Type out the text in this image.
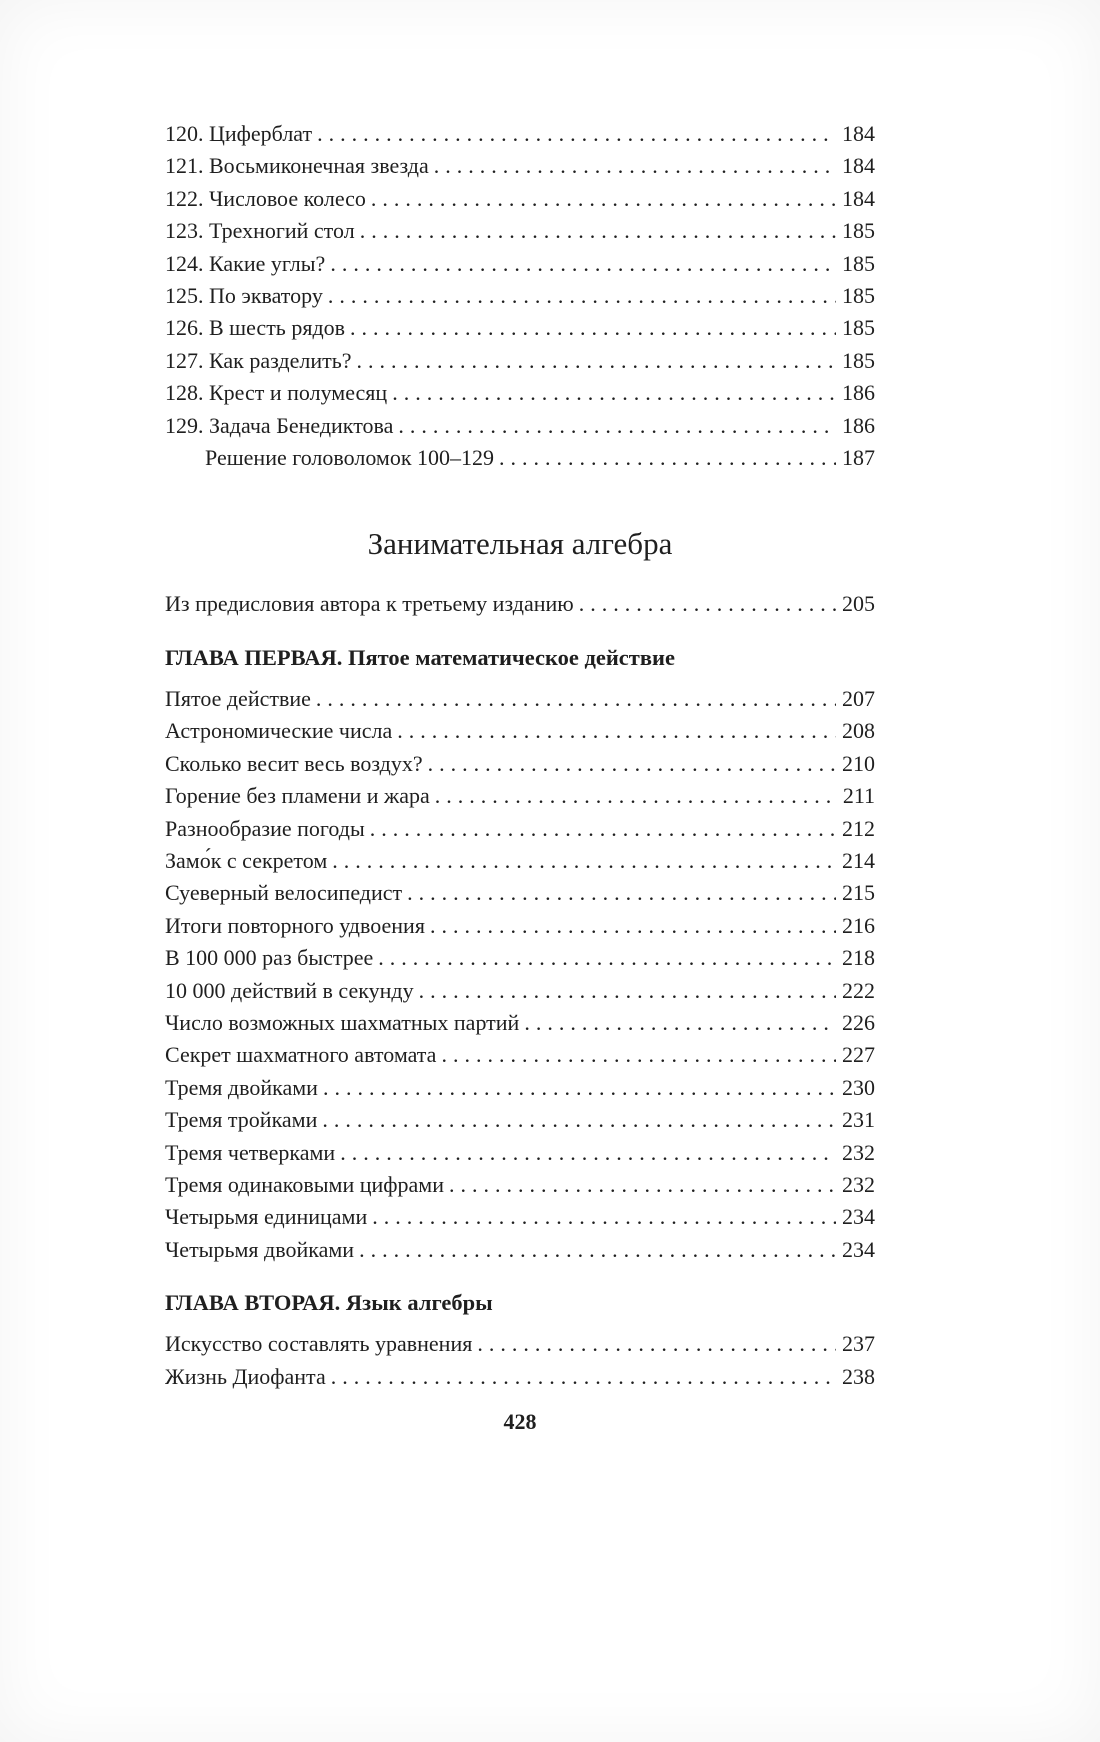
120. Циферблат .....	184
121. Восьмиконечная звезда .....	184
122. Числовое колесо .....	184
123. Трехногий стол .....	185
124. Какие углы? .....	185
125. По экватору .....	185
126. В шесть рядов .....	185
127. Как разделить? .....	185
128. Крест и полумесяц .....	186
129. Задача Бенедиктова .....	186
Решение головоломок 100–129 .....	187
Занимательная алгебра
Из предисловия автора к третьему изданию .....	205
ГЛАВА ПЕРВАЯ. Пятое математическое действие
Пятое действие .....	207
Астрономические числа .....	208
Сколько весит весь воздух? .....	210
Горение без пламени и жара .....	211
Разнообразие погоды .....	212
Замо́к с секретом .....	214
Суеверный велосипедист .....	215
Итоги повторного удвоения .....	216
В 100 000 раз быстрее .....	218
10 000 действий в секунду .....	222
Число возможных шахматных партий .....	226
Секрет шахматного автомата .....	227
Тремя двойками .....	230
Тремя тройками .....	231
Тремя четверками .....	232
Тремя одинаковыми цифрами .....	232
Четырьмя единицами .....	234
Четырьмя двойками .....	234
ГЛАВА ВТОРАЯ. Язык алгебры
Искусство составлять уравнения .....	237
Жизнь Диофанта .....	238
428
